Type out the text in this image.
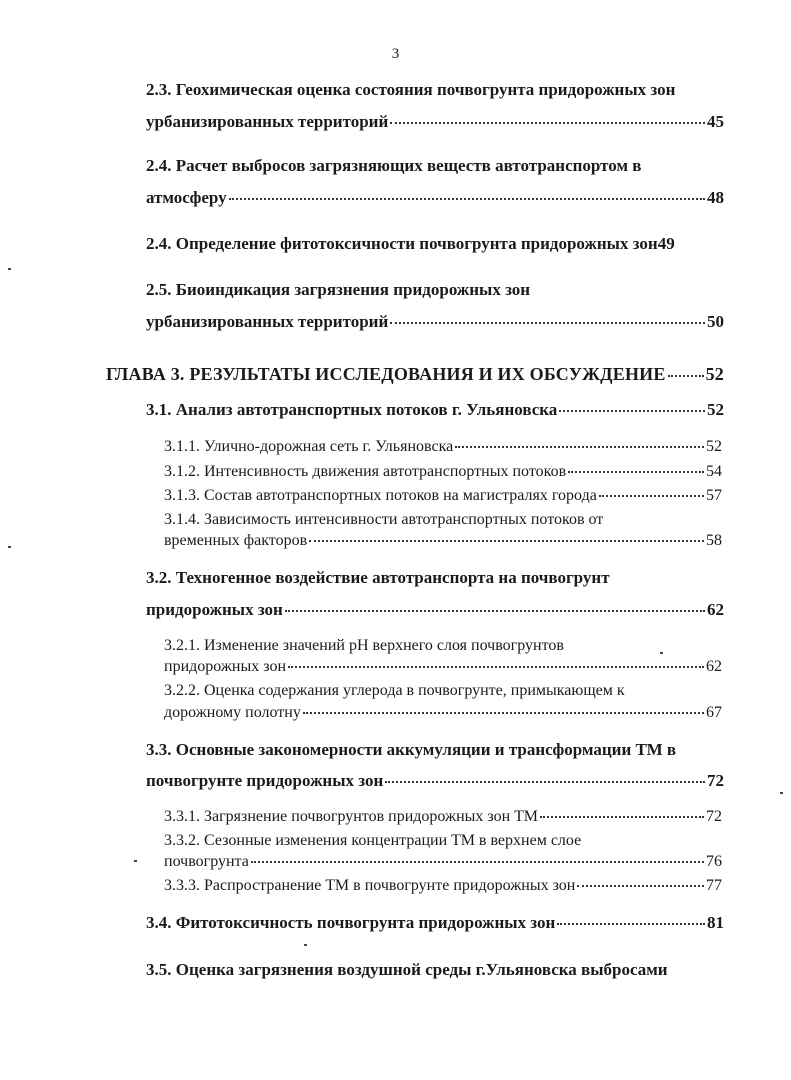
3
2.3. Геохимическая оценка состояния почвогрунта придорожных зон
урбанизированных территорий	45
2.4. Расчет выбросов загрязняющих веществ автотранспортом в
атмосферу	48
2.4. Определение фитотоксичности почвогрунта придорожных зон 49
2.5. Биоиндикация загрязнения придорожных зон
урбанизированных территорий	50
ГЛАВА 3. РЕЗУЛЬТАТЫ ИССЛЕДОВАНИЯ И ИХ ОБСУЖДЕНИЕ 52
3.1. Анализ автотранспортных потоков г. Ульяновска	52
3.1.1. Улично-дорожная сеть г. Ульяновска	52
3.1.2. Интенсивность движения автотранспортных потоков	54
3.1.3. Состав автотранспортных потоков на магистралях города	57
3.1.4. Зависимость интенсивности автотранспортных потоков от
временных факторов	58
3.2. Техногенное воздействие автотранспорта на почвогрунт
придорожных зон	62
3.2.1. Изменение значений pH верхнего слоя почвогрунтов
придорожных зон	62
3.2.2. Оценка содержания углерода в почвогрунте, примыкающем к
дорожному полотну	67
3.3. Основные закономерности аккумуляции и трансформации ТМ в
почвогрунте придорожных зон	72
3.3.1. Загрязнение почвогрунтов придорожных зон ТМ	72
3.3.2. Сезонные изменения концентрации ТМ в верхнем слое
почвогрунта	76
3.3.3. Распространение ТМ в почвогрунте придорожных зон	77
3.4. Фитотоксичность почвогрунта придорожных зон	81
3.5. Оценка загрязнения воздушной среды г.Ульяновска выбросами
